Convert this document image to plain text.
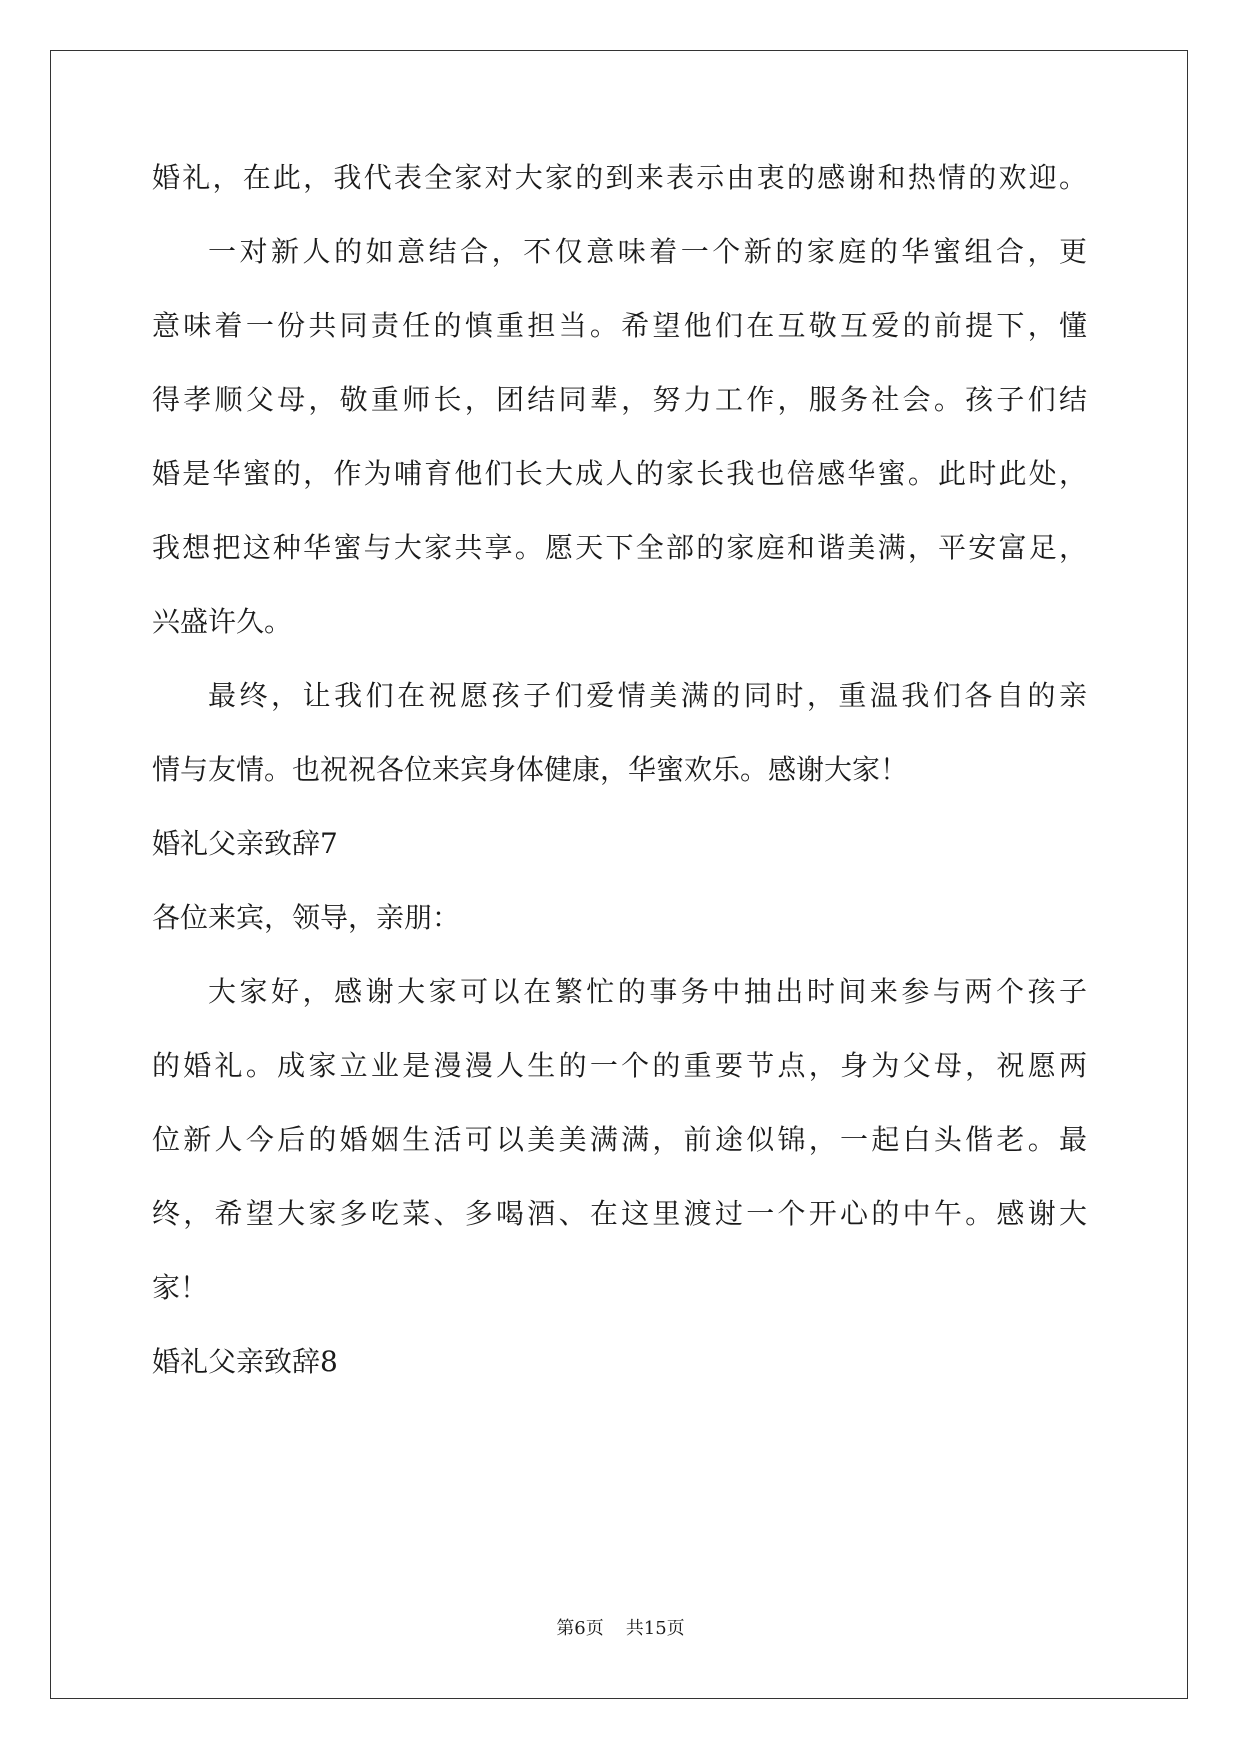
婚礼，在此，我代表全家对大家的到来表示由衷的感谢和热情的欢迎。
一对新人的如意结合，不仅意味着一个新的家庭的华蜜组合，更
意味着一份共同责任的慎重担当。希望他们在互敬互爱的前提下，懂
得孝顺父母，敬重师长，团结同辈，努力工作，服务社会。孩子们结
婚是华蜜的，作为哺育他们长大成人的家长我也倍感华蜜。此时此处，
我想把这种华蜜与大家共享。愿天下全部的家庭和谐美满，平安富足，
兴盛许久。
最终，让我们在祝愿孩子们爱情美满的同时，重温我们各自的亲
情与友情。也祝祝各位来宾身体健康，华蜜欢乐。感谢大家！
婚礼父亲致辞7
各位来宾，领导，亲朋：
大家好，感谢大家可以在繁忙的事务中抽出时间来参与两个孩子
的婚礼。成家立业是漫漫人生的一个的重要节点，身为父母，祝愿两
位新人今后的婚姻生活可以美美满满，前途似锦，一起白头偕老。最
终，希望大家多吃菜、多喝酒、在这里渡过一个开心的中午。感谢大
家！
婚礼父亲致辞8
第6页 共15页
